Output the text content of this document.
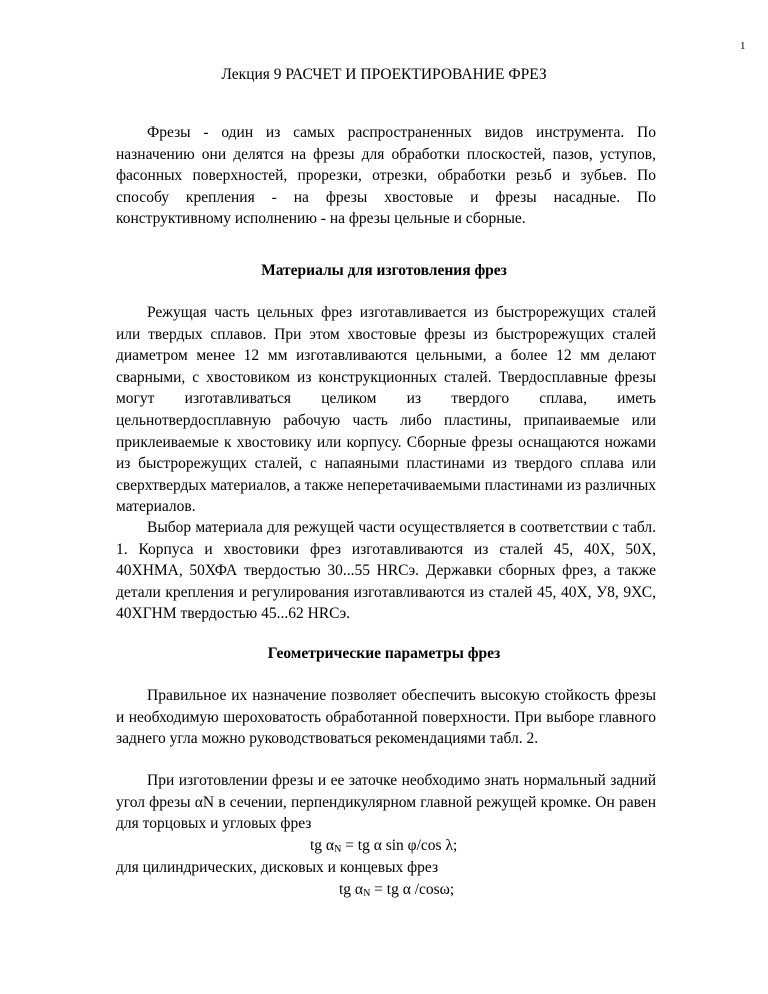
1
Лекция 9 РАСЧЕТ И ПРОЕКТИРОВАНИЕ ФРЕЗ

Фрезы - один из самых распространенных видов инструмента. По назначению они делятся на фрезы для обработки плоскостей, пазов, уступов, фасонных поверхностей, прорезки, отрезки, обработки резьб и зубьев. По способу крепления - на фрезы хвостовые и фрезы насадные. По конструктивному исполнению - на фрезы цельные и сборные.

Материалы для изготовления фрез

Режущая часть цельных фрез изготавливается из быстрорежущих сталей или твердых сплавов. При этом хвостовые фрезы из быстрорежущих сталей диаметром менее 12 мм изготавливаются цельными, а более 12 мм делают сварными, с хвостовиком из конструкционных сталей. Твердосплавные фрезы могут изготавливаться целиком из твердого сплава, иметь цельнотвердосплавную рабочую часть либо пластины, припаиваемые или приклеиваемые к хвостовику или корпусу. Сборные фрезы оснащаются ножами из быстрорежущих сталей, с напаяными пластинами из твердого сплава или сверхтвердых материалов, а также неперетачиваемыми пластинами из различных материалов.

Выбор материала для режущей части осуществляется в соответствии с табл. 1. Корпуса и хвостовики фрез изготавливаются из сталей 45, 40Х, 50Х, 40ХНМА, 50ХФА твердостью 30...55 HRCэ. Державки сборных фрез, а также детали крепления и регулирования изготавливаются из сталей 45, 40Х, У8, 9ХС, 40ХГНМ твердостью 45...62 HRCэ.

Геометрические параметры фрез

Правильное их назначение позволяет обеспечить высокую стойкость фрезы и необходимую шероховатость обработанной поверхности. При выборе главного заднего угла можно руководствоваться рекомендациями табл. 2.

При изготовлении фрезы и ее заточке необходимо знать нормальный задний угол фрезы αN в сечении, перпендикулярном главной режущей кромке. Он равен для торцовых и угловых фрез

tg $\alpha_N$ = tg α sin φ/cos λ;
для цилиндрических, дисковых и концевых фрез
tg $\alpha_N$ = tg α /cosω;
